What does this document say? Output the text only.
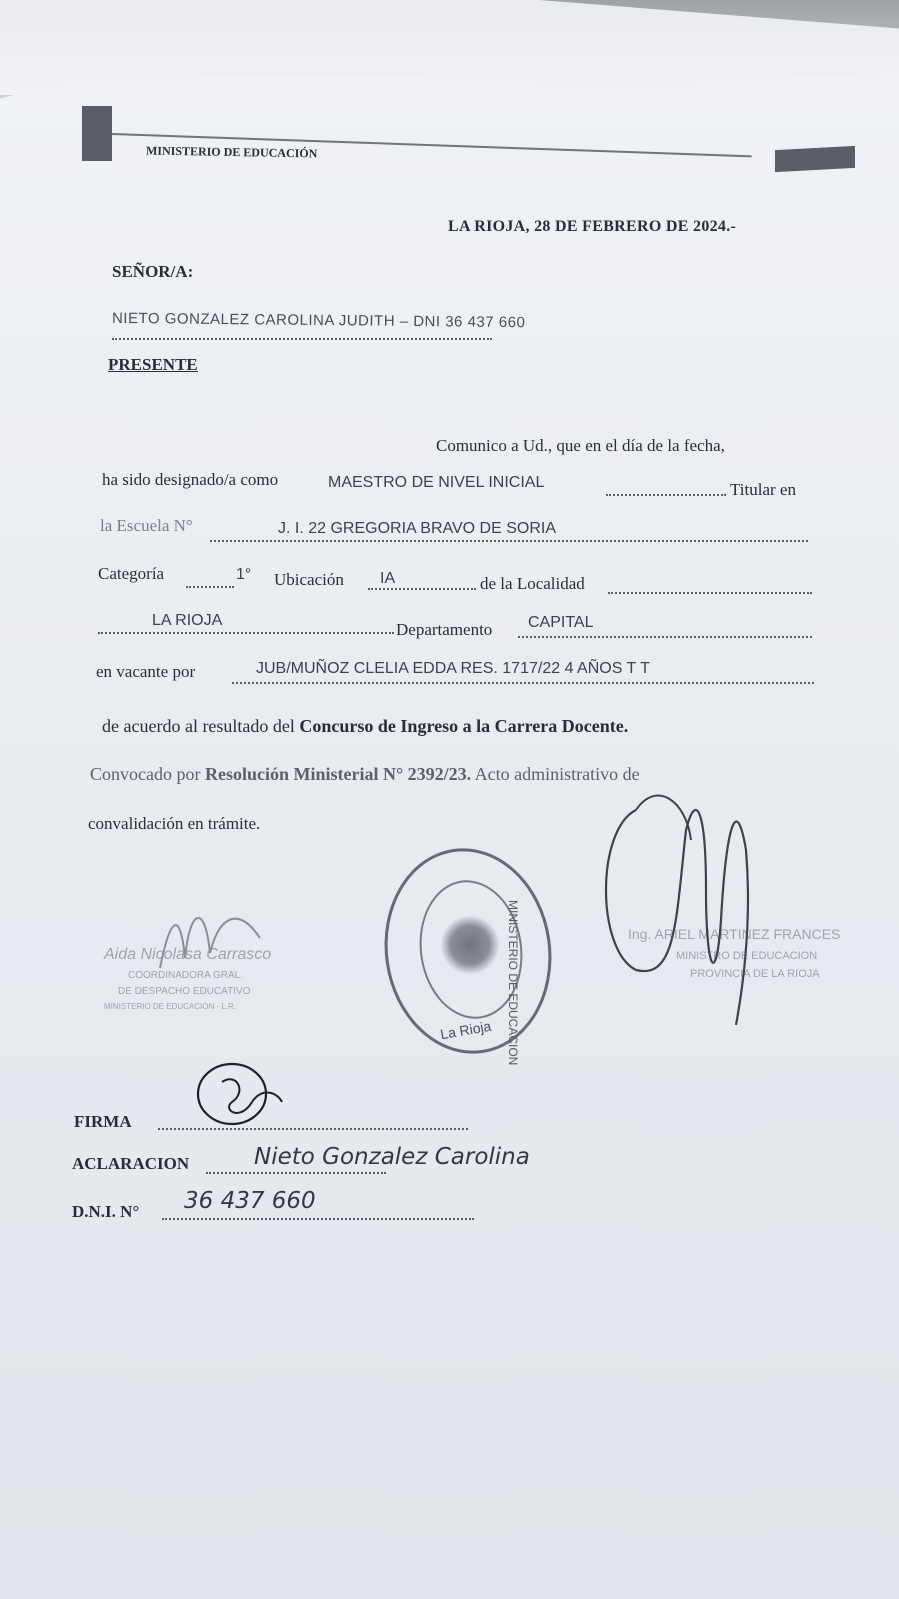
MINISTERIO DE EDUCACIÓN
LA RIOJA, 28 DE FEBRERO DE 2024.-
SEÑOR/A:
NIETO GONZALEZ CAROLINA JUDITH – DNI 36 437 660
PRESENTE
Comunico a Ud., que en el día de la fecha,
ha sido designado/a como	MAESTRO DE NIVEL INICIAL	Titular en
la Escuela N°	J. I. 22 GREGORIA BRAVO DE SORIA
Categoría	1° Ubicación IA	de la Localidad
LA RIOJA	Departamento CAPITAL
en vacante por	JUB/MUÑOZ CLELIA EDDA RES. 1717/22 4 AÑOS T T
de acuerdo al resultado del Concurso de Ingreso a la Carrera Docente.
Convocado por Resolución Ministerial N° 2392/23. Acto administrativo de
convalidación en trámite.
Aida Nicolasa Carrasco
COORDINADORA GRAL.
DE DESPACHO EDUCATIVO
MINISTERIO DE EDUCACION - L.R.	MINISTERIO DE EDUCACION
La Rioja
Ing. ARIEL MARTINEZ FRANCES
MINISTRO DE EDUCACION
PROVINCIA DE LA RIOJA
FIRMA
ACLARACION	Nieto Gonzalez Carolina
D.N.I. N° 36 437 660
